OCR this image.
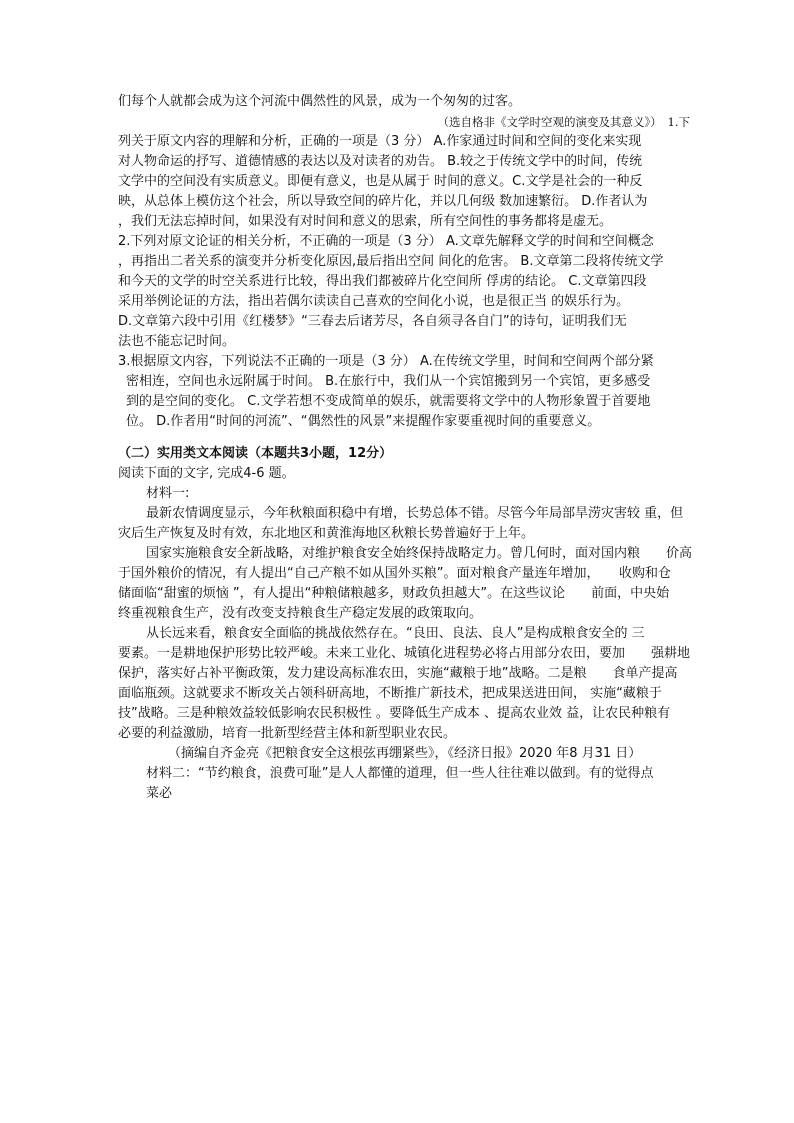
们每个人就都会成为这个河流中偶然性的风景，成为一个匆匆的过客。
（选自格非《文学时空观的演变及其意义》）　1.下
列关于原文内容的理解和分析，正确的一项是（3 分） A.作家通过时间和空间的变化来实现
对人物命运的抒写、道德情感的表达以及对读者的劝告。 B.较之于传统文学中的时间，传统
文学中的空间没有实质意义。即便有意义，也是从属于 时间的意义。C.文学是社会的一种反
映，从总体上模仿这个社会，所以导致空间的碎片化，并以几何级 数加速繁衍。 D.作者认为
，我们无法忘掉时间，如果没有对时间和意义的思索，所有空间性的事务都将是虚无。
2.下列对原文论证的相关分析，不正确的一项是（3 分） A.文章先解释文学的时间和空间概念
，再指出二者关系的演变并分析变化原因,最后指出空间 间化的危害。 B.文章第二段将传统文学
和今天的文学的时空关系进行比较，得出我们都被碎片化空间所 俘虏的结论。 C.文章第四段
采用举例论证的方法，指出若偶尔读读自己喜欢的空间化小说，也是很正当 的娱乐行为。
D.文章第六段中引用《红楼梦》“三春去后诸芳尽，各自须寻各自门”的诗句，证明我们无
法也不能忘记时间。
3.根据原文内容，下列说法不正确的一项是（3 分） A.在传统文学里，时间和空间两个部分紧
密相连，空间也永远附属于时间。 B.在旅行中，我们从一个宾馆搬到另一个宾馆，更多感受
到的是空间的变化。 C.文学若想不变成简单的娱乐，就需要将文学中的人物形象置于首要地
位。 D.作者用“时间的河流”、“偶然性的风景”来提醒作家要重视时间的重要意义。
（二）实用类文本阅读（本题共3小题，12分）
阅读下面的文字, 完成4-6 题。
材料一:
最新农情调度显示，今年秋粮面积稳中有增，长势总体不错。尽管今年局部旱涝灾害较 重，但
灾后生产恢复及时有效，东北地区和黄淮海地区秋粮长势普遍好于上年。
国家实施粮食安全新战略，对维护粮食安全始终保持战略定力。曾几何时，面对国内粮　　价高
于国外粮价的情况，有人提出“自己产粮不如从国外买粮”。面对粮食产量连年增加，　　收购和仓
储面临“甜蜜的烦恼 ”，有人提出“种粮储粮越多，财政负担越大”。在这些议论　　前面，中央始
终重视粮食生产，没有改变支持粮食生产稳定发展的政策取向。
从长远来看，粮食安全面临的挑战依然存在。“良田、良法、良人”是构成粮食安全的 三
要素。一是耕地保护形势比较严峻。未来工业化、城镇化进程势必将占用部分农田，要加　　强耕地
保护，落实好占补平衡政策，发力建设高标准农田，实施“藏粮于地”战略。二是粮　　食单产提高
面临瓶颈。这就要求不断攻关占领科研高地，不断推广新技术，把成果送进田间， 实施“藏粮于
技”战略。三是种粮效益较低影响农民积极性 。要降低生产成本 、提高农业效 益，让农民种粮有
必要的利益激励，培育一批新型经营主体和新型职业农民。
（摘编自齐金亮《把粮食安全这根弦再绷紧些》，《经济日报》2020 年8 月31 日）
材料二：“节约粮食，浪费可耻”是人人都懂的道理，但一些人往往难以做到。有的觉得点
菜必
